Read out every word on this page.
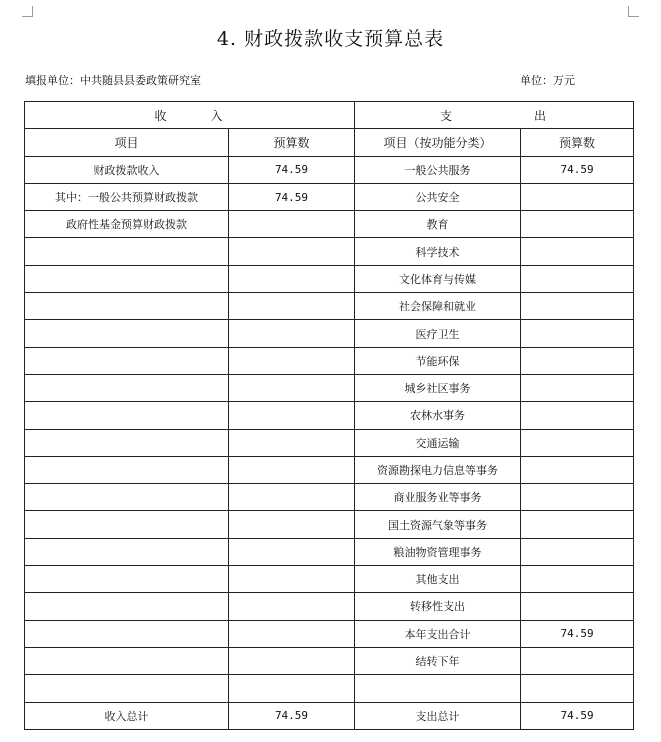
4. 财政拨款收支预算总表
填报单位：中共随县县委政策研究室	单位：万元
收　　　入		支 出	
项目	预算数	项目（按功能分类）	预算数
财政拨款收入	74.59	一般公共服务	74.59
其中：一般公共预算财政拨款	74.59	公共安全	
政府性基金预算财政拨款		教育	
		科学技术	
		文化体育与传媒	
		社会保障和就业	
		医疗卫生	
		节能环保	
		城乡社区事务	
		农林水事务	
		交通运输	
		资源勘探电力信息等事务	
		商业服务业等事务	
		国土资源气象等事务	
		粮油物资管理事务	
		其他支出	
		转移性支出	
		本年支出合计	74.59
		结转下年	

收入总计	74.59	支出总计	74.59
